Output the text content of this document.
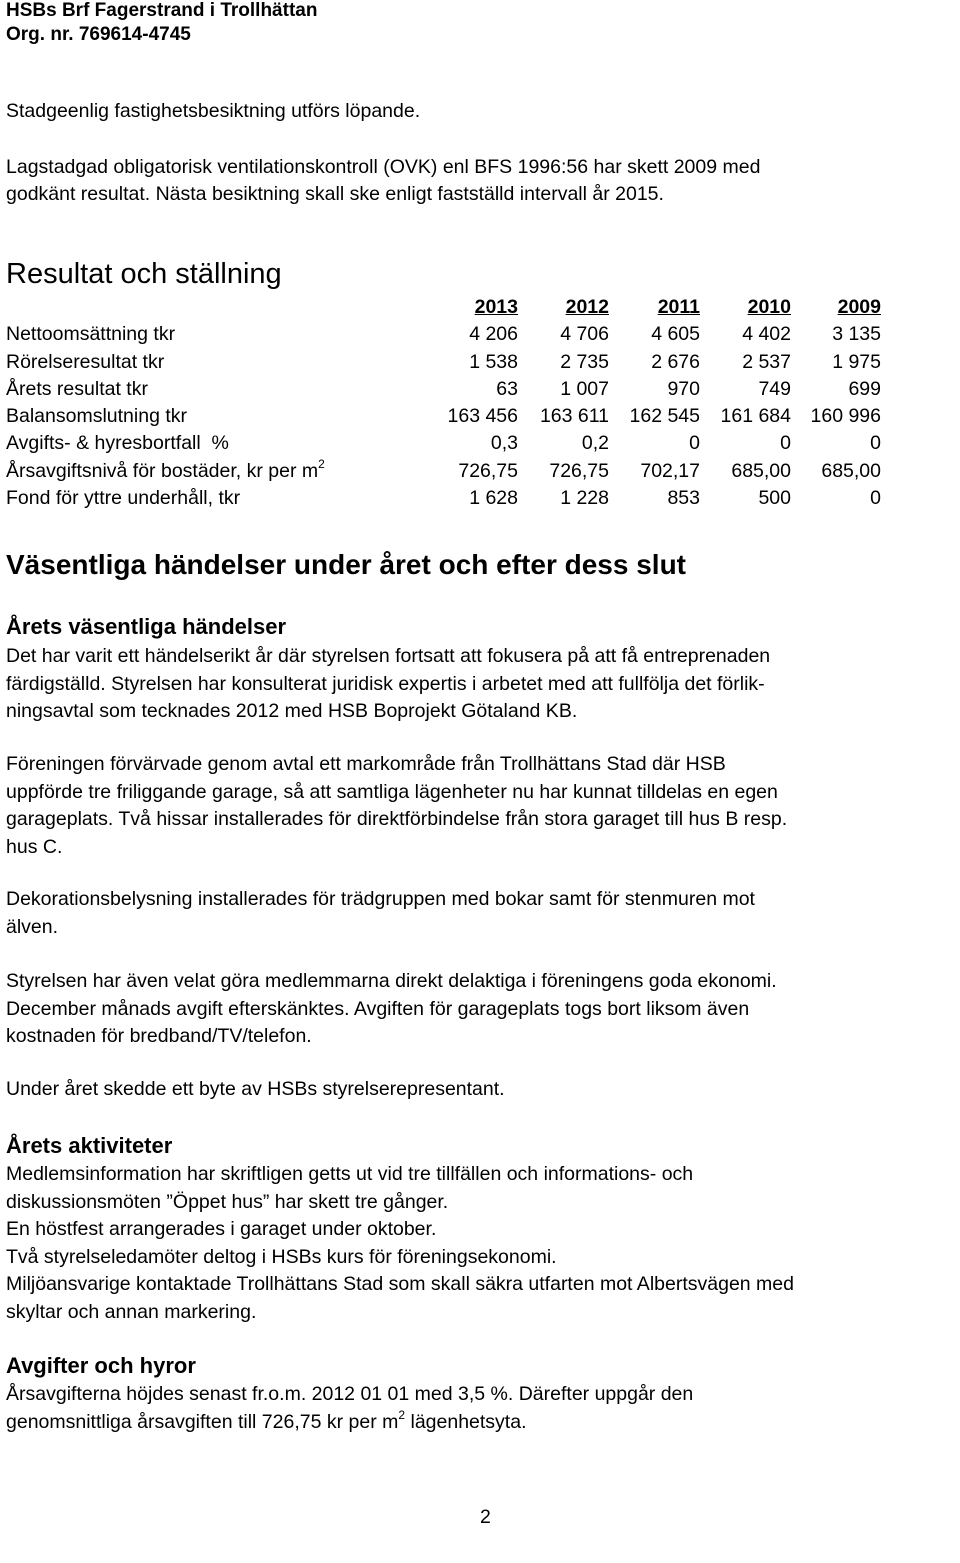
HSBs Brf Fagerstrand i Trollhättan
Org. nr. 769614-4745
Stadgeenlig fastighetsbesiktning utförs löpande.
Lagstadgad obligatorisk ventilationskontroll (OVK) enl BFS 1996:56 har skett 2009 med
godkänt resultat. Nästa besiktning skall ske enligt fastställd intervall år 2015.
Resultat och ställning
	2013	2012	2011	2010	2009
Nettoomsättning tkr	4 206	4 706	4 605	4 402	3 135
Rörelseresultat tkr	1 538	2 735	2 676	2 537	1 975
Årets resultat tkr	63	1 007	970	749	699
Balansomslutning tkr	163 456	163 611	162 545	161 684	160 996
Avgifts- & hyresbortfall  %	0,3	0,2	0	0	0
Årsavgiftsnivå för bostäder, kr per $m^2$	726,75	726,75	702,17	685,00	685,00
Fond för yttre underhåll, tkr	1 628	1 228	853	500	0
Väsentliga händelser under året och efter dess slut
Årets väsentliga händelser

Det har varit ett händelserikt år där styrelsen fortsatt att fokusera på att få entreprenaden

färdigställd. Styrelsen har konsulterat juridisk expertis i arbetet med att fullfölja det förlik-

ningsavtal som tecknades 2012 med HSB Boprojekt Götaland KB.

Föreningen förvärvade genom avtal ett markområde från Trollhättans Stad där HSB

uppförde tre friliggande garage, så att samtliga lägenheter nu har kunnat tilldelas en egen

garageplats. Två hissar installerades för direktförbindelse från stora garaget till hus B resp.

hus C.

Dekorationsbelysning installerades för trädgruppen med bokar samt för stenmuren mot

älven.

Styrelsen har även velat göra medlemmarna direkt delaktiga i föreningens goda ekonomi.

December månads avgift efterskänktes. Avgiften för garageplats togs bort liksom även

kostnaden för bredband/TV/telefon.

Under året skedde ett byte av HSBs styrelserepresentant.

Årets aktiviteter

Medlemsinformation har skriftligen getts ut vid tre tillfällen och informations- och

diskussionsmöten ”Öppet hus” har skett tre gånger.

En höstfest arrangerades i garaget under oktober.

Två styrelseledamöter deltog i HSBs kurs för föreningsekonomi.

Miljöansvarige kontaktade Trollhättans Stad som skall säkra utfarten mot Albertsvägen med

skyltar och annan markering.

Avgifter och hyror

Årsavgifterna höjdes senast fr.o.m. 2012 01 01 med 3,5 %. Därefter uppgår den

genomsnittliga årsavgiften till 726,75 kr per $m^2$ lägenhetsyta.

2
